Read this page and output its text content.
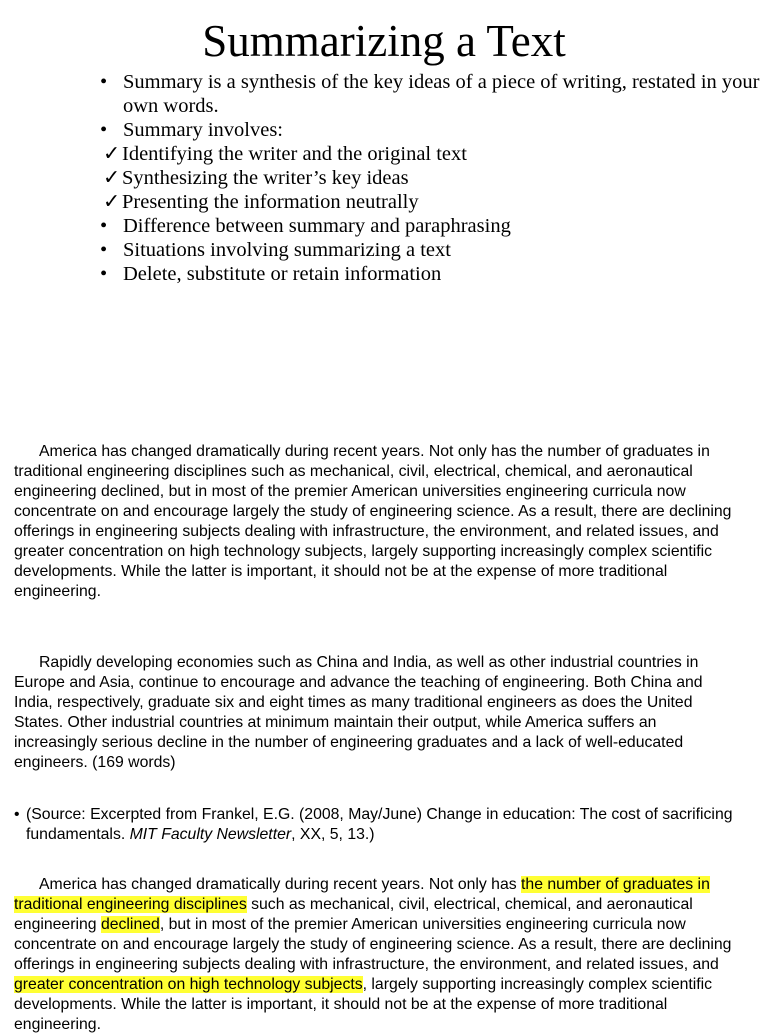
Summarizing a Text
• Summary is a synthesis of the key ideas of a piece of writing, restated in your own words.
• Summary involves:
✓ Identifying the writer and the original text
✓ Synthesizing the writer’s key ideas
✓ Presenting the information neutrally
• Difference between summary and paraphrasing
• Situations involving summarizing a text
• Delete, substitute or retain information

America has changed dramatically during recent years. Not only has the number of graduates in traditional engineering disciplines such as mechanical, civil, electrical, chemical, and aeronautical engineering declined, but in most of the premier American universities engineering curricula now concentrate on and encourage largely the study of engineering science. As a result, there are declining offerings in engineering subjects dealing with infrastructure, the environment, and related issues, and greater concentration on high technology subjects, largely supporting increasingly complex scientific developments. While the latter is important, it should not be at the expense of more traditional engineering.

Rapidly developing economies such as China and India, as well as other industrial countries in Europe and Asia, continue to encourage and advance the teaching of engineering. Both China and India, respectively, graduate six and eight times as many traditional engineers as does the United States. Other industrial countries at minimum maintain their output, while America suffers an increasingly serious decline in the number of engineering graduates and a lack of well-educated engineers. (169 words)

• (Source: Excerpted from Frankel, E.G. (2008, May/June) Change in education: The cost of sacrificing fundamentals. MIT Faculty Newsletter, XX, 5, 13.)

America has changed dramatically during recent years. Not only has the number of graduates in traditional engineering disciplines such as mechanical, civil, electrical, chemical, and aeronautical engineering declined, but in most of the premier American universities engineering curricula now concentrate on and encourage largely the study of engineering science. As a result, there are declining offerings in engineering subjects dealing with infrastructure, the environment, and related issues, and greater concentration on high technology subjects, largely supporting increasingly complex scientific developments. While the latter is important, it should not be at the expense of more traditional engineering.
